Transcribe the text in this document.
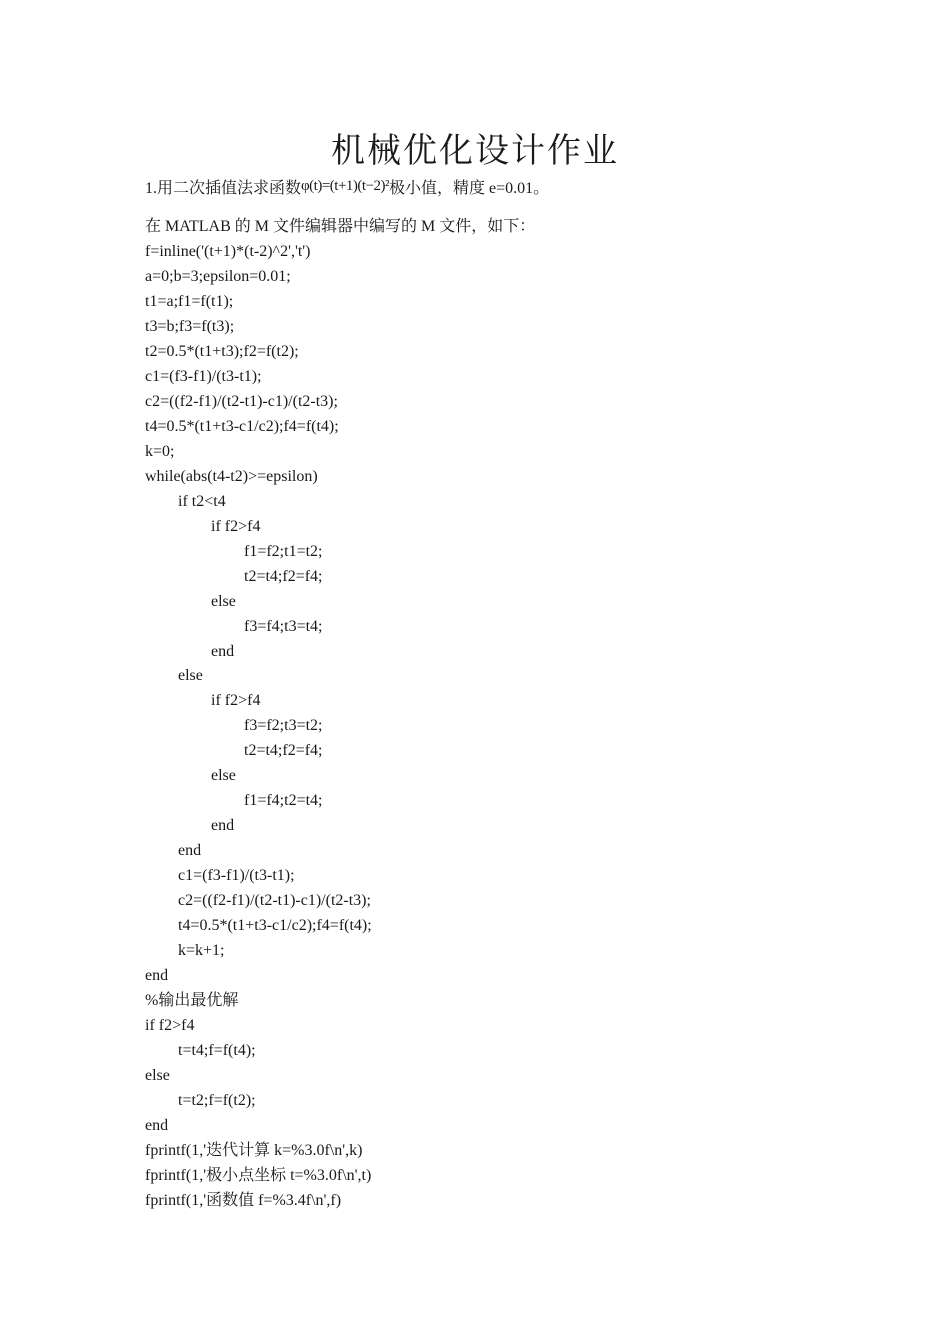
机械优化设计作业
1.用二次插值法求函数φ(t)=(t+1)(t−2)²极小值，精度 e=0.01。
在 MATLAB 的 M 文件编辑器中编写的 M 文件，如下：
f=inline('(t+1)*(t-2)^2','t')
a=0;b=3;epsilon=0.01;
t1=a;f1=f(t1);
t3=b;f3=f(t3);
t2=0.5*(t1+t3);f2=f(t2);
c1=(f3-f1)/(t3-t1);
c2=((f2-f1)/(t2-t1)-c1)/(t2-t3);
t4=0.5*(t1+t3-c1/c2);f4=f(t4);
k=0;
while(abs(t4-t2)>=epsilon)
if t2<t4
if f2>f4
f1=f2;t1=t2;
t2=t4;f2=f4;
else
f3=f4;t3=t4;
end
else
if f2>f4
f3=f2;t3=t2;
t2=t4;f2=f4;
else
f1=f4;t2=t4;
end
end
c1=(f3-f1)/(t3-t1);
c2=((f2-f1)/(t2-t1)-c1)/(t2-t3);
t4=0.5*(t1+t3-c1/c2);f4=f(t4);
k=k+1;
end
%输出最优解
if f2>f4
t=t4;f=f(t4);
else
t=t2;f=f(t2);
end
fprintf(1,'迭代计算 k=%3.0f\n',k)
fprintf(1,'极小点坐标 t=%3.0f\n',t)
fprintf(1,'函数值 f=%3.4f\n',f)
